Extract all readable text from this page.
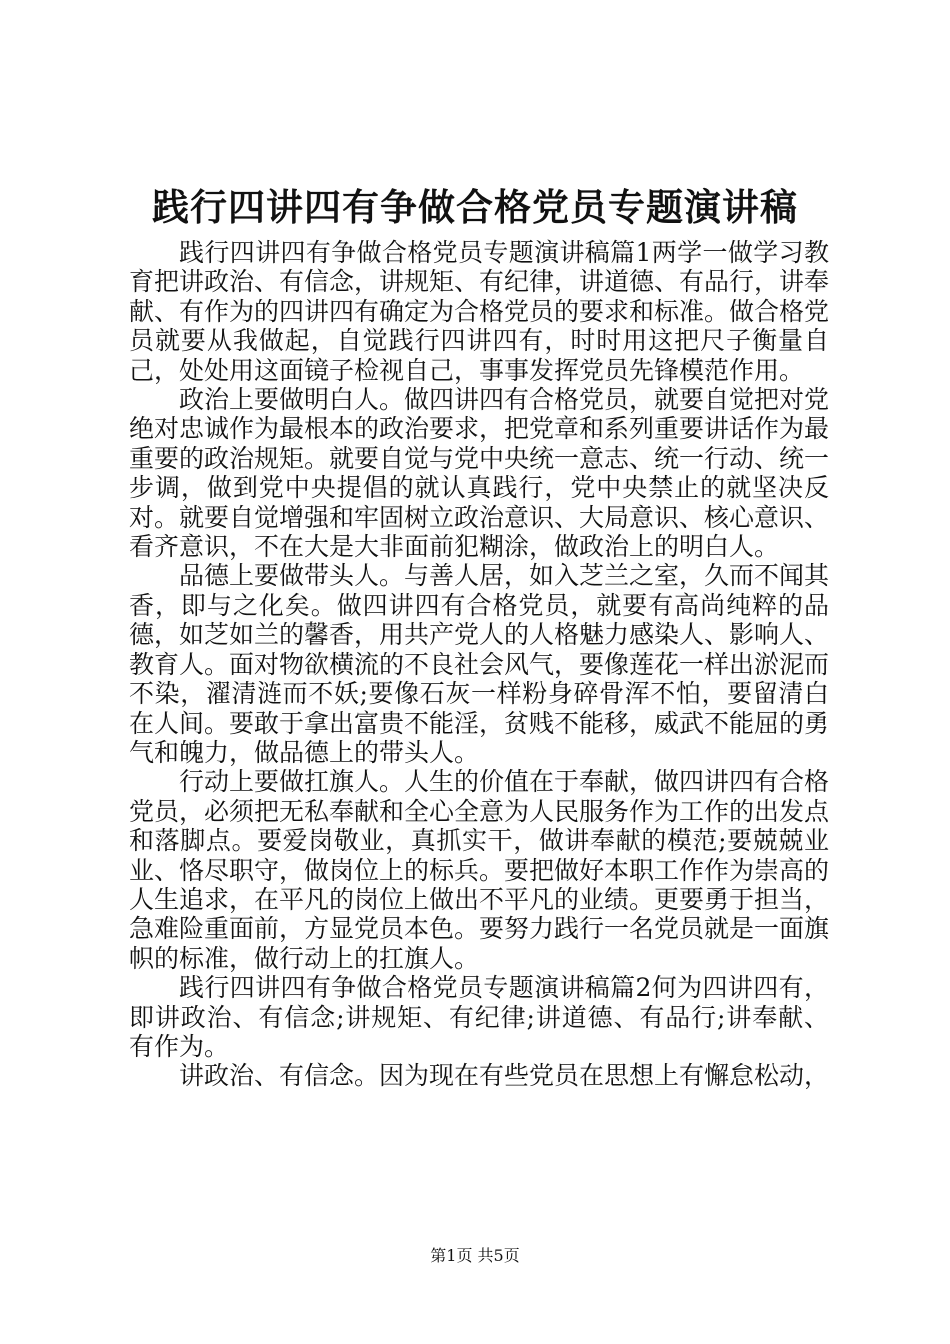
践行四讲四有争做合格党员专题演讲稿

践行四讲四有争做合格党员专题演讲稿篇1两学一做学习教育把讲政治、有信念，讲规矩、有纪律，讲道德、有品行，讲奉献、有作为的四讲四有确定为合格党员的要求和标准。做合格党员就要从我做起，自觉践行四讲四有，时时用这把尺子衡量自己，处处用这面镜子检视自己，事事发挥党员先锋模范作用。

政治上要做明白人。做四讲四有合格党员，就要自觉把对党绝对忠诚作为最根本的政治要求，把党章和系列重要讲话作为最重要的政治规矩。就要自觉与党中央统一意志、统一行动、统一步调，做到党中央提倡的就认真践行，党中央禁止的就坚决反对。就要自觉增强和牢固树立政治意识、大局意识、核心意识、看齐意识，不在大是大非面前犯糊涂，做政治上的明白人。

品德上要做带头人。与善人居，如入芝兰之室，久而不闻其香，即与之化矣。做四讲四有合格党员，就要有高尚纯粹的品德，如芝如兰的馨香，用共产党人的人格魅力感染人、影响人、教育人。面对物欲横流的不良社会风气，要像莲花一样出淤泥而不染，濯清涟而不妖;要像石灰一样粉身碎骨浑不怕，要留清白在人间。要敢于拿出富贵不能淫，贫贱不能移，威武不能屈的勇气和魄力，做品德上的带头人。

行动上要做扛旗人。人生的价值在于奉献，做四讲四有合格党员，必须把无私奉献和全心全意为人民服务作为工作的出发点和落脚点。要爱岗敬业，真抓实干，做讲奉献的模范;要兢兢业业、恪尽职守，做岗位上的标兵。要把做好本职工作作为崇高的人生追求，在平凡的岗位上做出不平凡的业绩。更要勇于担当，急难险重面前，方显党员本色。要努力践行一名党员就是一面旗帜的标准，做行动上的扛旗人。

践行四讲四有争做合格党员专题演讲稿篇2何为四讲四有，即讲政治、有信念;讲规矩、有纪律;讲道德、有品行;讲奉献、有作为。

讲政治、有信念。因为现在有些党员在思想上有懈怠松动，

第1页 共5页
